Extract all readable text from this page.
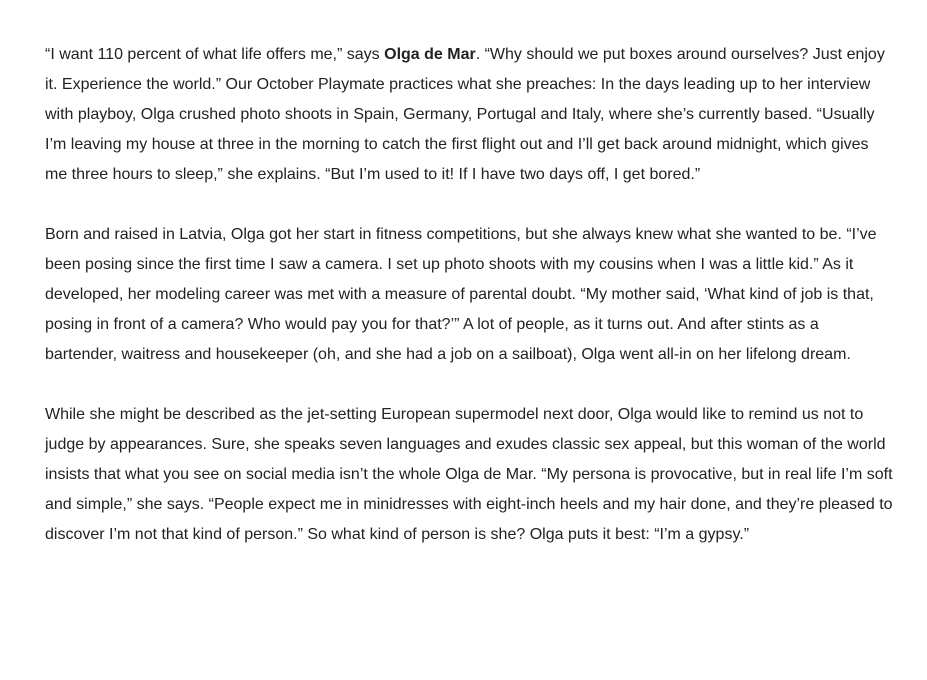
“I want 110 percent of what life offers me,” says Olga de Mar. “Why should we put boxes around ourselves? Just enjoy it. Experience the world.” Our October Playmate practices what she preaches: In the days leading up to her interview with playboy, Olga crushed photo shoots in Spain, Germany, Portugal and Italy, where she’s currently based. “Usually I’m leaving my house at three in the morning to catch the first flight out and I’ll get back around midnight, which gives me three hours to sleep,” she explains. “But I’m used to it! If I have two days off, I get bored.”

Born and raised in Latvia, Olga got her start in fitness competitions, but she always knew what she wanted to be. “I’ve been posing since the first time I saw a camera. I set up photo shoots with my cousins when I was a little kid.” As it developed, her modeling career was met with a measure of parental doubt. “My mother said, ‘What kind of job is that, posing in front of a camera? Who would pay you for that?’” A lot of people, as it turns out. And after stints as a bartender, waitress and housekeeper (oh, and she had a job on a sailboat), Olga went all-in on her lifelong dream.

While she might be described as the jet-setting European supermodel next door, Olga would like to remind us not to judge by appearances. Sure, she speaks seven languages and exudes classic sex appeal, but this woman of the world insists that what you see on social media isn’t the whole Olga de Mar. “My persona is provocative, but in real life I’m soft and simple,” she says. “People expect me in minidresses with eight-inch heels and my hair done, and they’re pleased to discover I’m not that kind of person.” So what kind of person is she? Olga puts it best: “I’m a gypsy.”
